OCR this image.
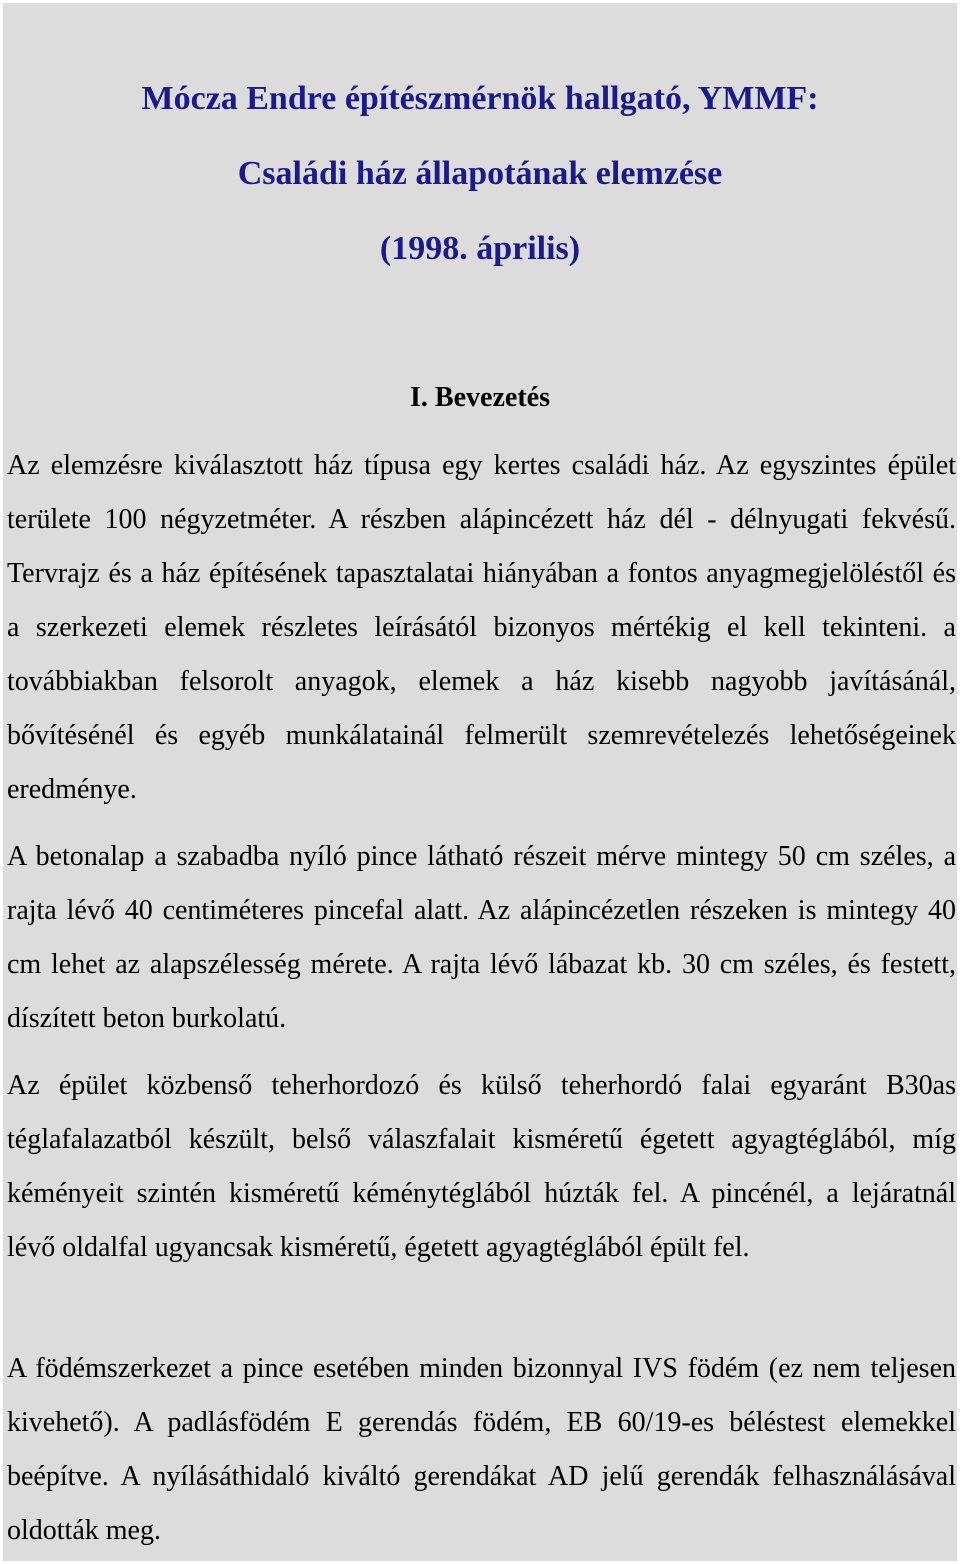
Mócza Endre építészmérnök hallgató, YMMF:
Családi ház állapotának elemzése
(1998. április)
I. Bevezetés

Az elemzésre kiválasztott ház típusa egy kertes családi ház. Az egyszintes épület területe 100 négyzetméter. A részben alápincézett ház dél - délnyugati fekvésű. Tervrajz és a ház építésének tapasztalatai hiányában a fontos anyagmegjelöléstől és a szerkezeti elemek részletes leírásától bizonyos mértékig el kell tekinteni. a továbbiakban felsorolt anyagok, elemek a ház kisebb nagyobb javításánál, bővítésénél és egyéb munkálatainál felmerült szemrevételezés lehetőségeinek eredménye.

A betonalap a szabadba nyíló pince látható részeit mérve mintegy 50 cm széles, a rajta lévő 40 centiméteres pincefal alatt. Az alápincézetlen részeken is mintegy 40 cm lehet az alapszélesség mérete. A rajta lévő lábazat kb. 30 cm széles, és festett, díszített beton burkolatú.

Az épület közbenső teherhordozó és külső teherhordó falai egyaránt B30as téglafalazatból készült, belső válaszfalait kisméretű égetett agyagtéglából, míg kéményeit szintén kisméretű kéménytéglából húzták fel. A pincénél, a lejáratnál lévő oldalfal ugyancsak kisméretű, égetett agyagtéglából épült fel.

A födémszerkezet a pince esetében minden bizonnyal IVS födém (ez nem teljesen kivehető). A padlásfödém E gerendás födém, EB 60/19-es béléstest elemekkel beépítve. A nyílásáthidaló kiváltó gerendákat AD jelű gerendák felhasználásával oldották meg.
